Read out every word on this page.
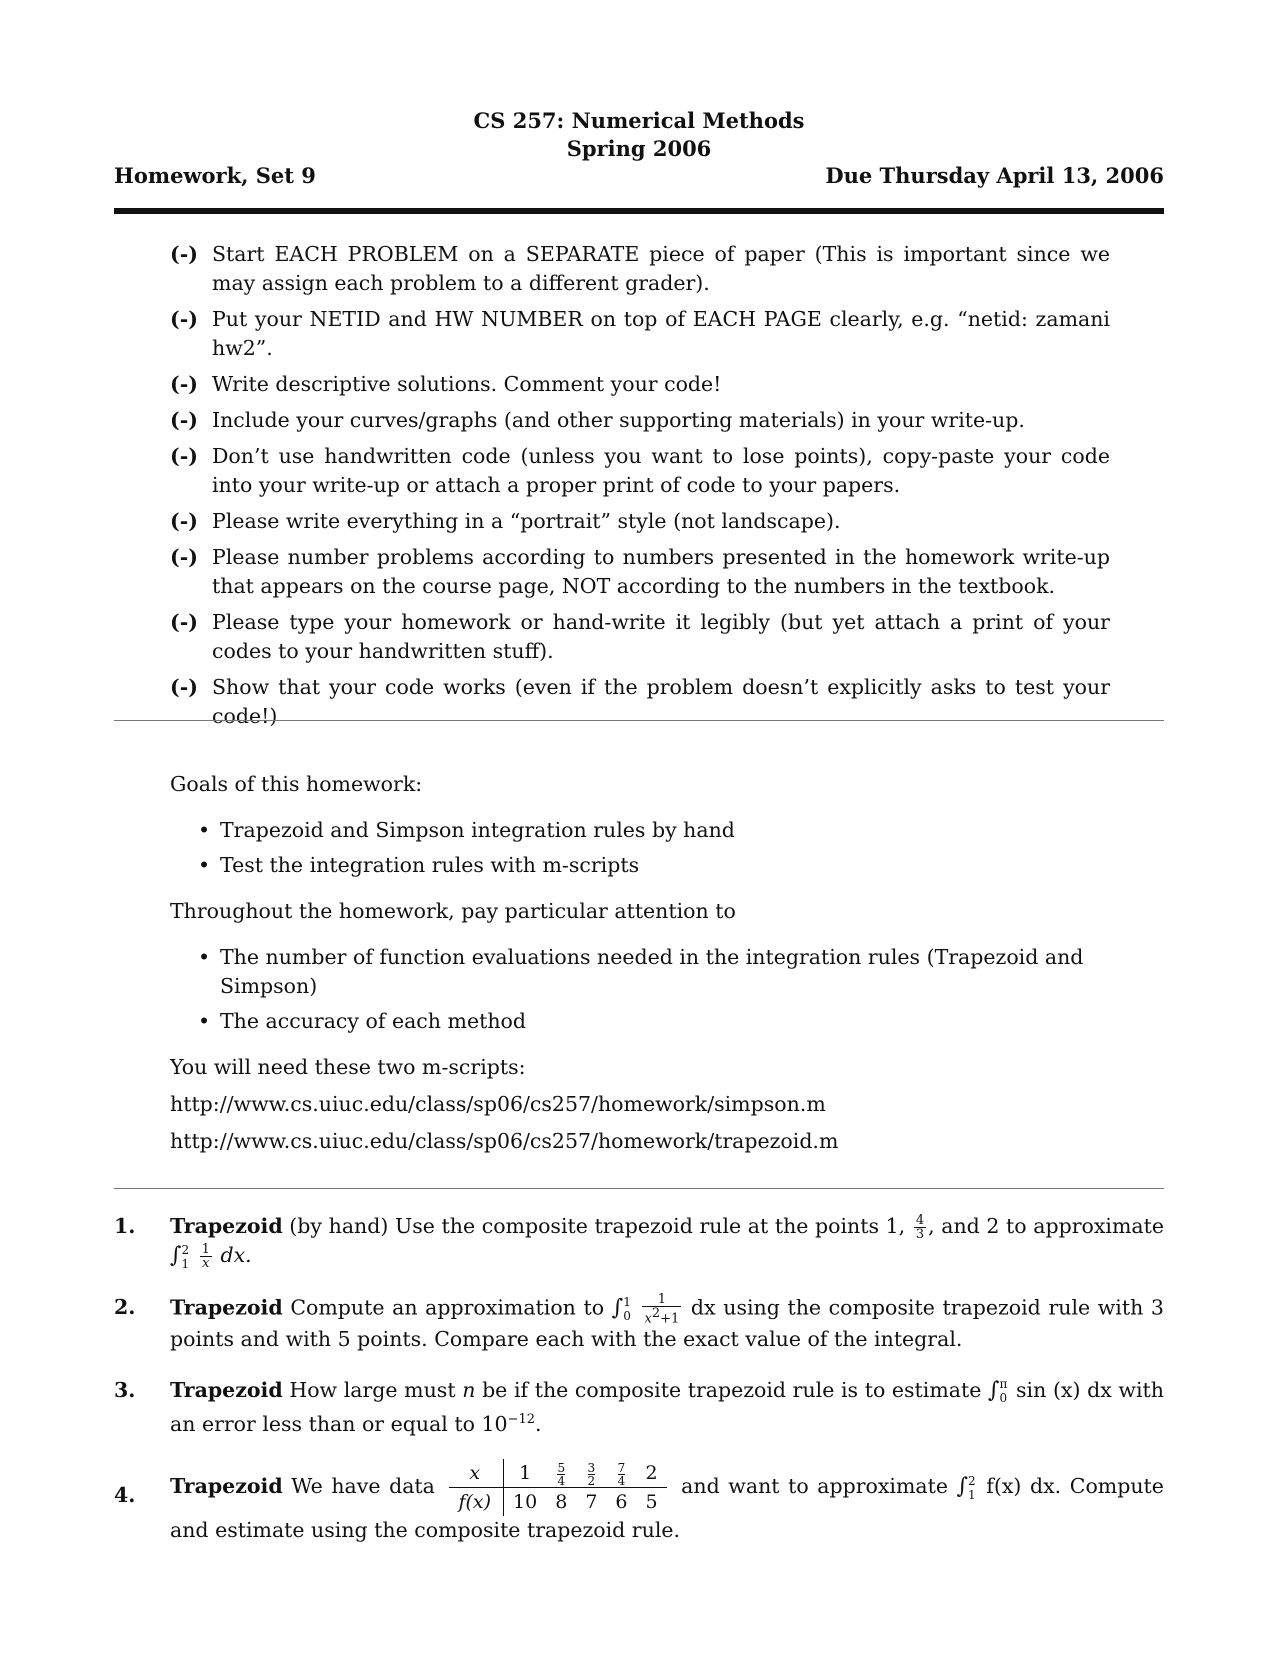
CS 257: Numerical Methods
Spring 2006
Homework, Set 9	Due Thursday April 13, 2006
(-) Start EACH PROBLEM on a SEPARATE piece of paper (This is important since we may assign each problem to a different grader).
(-) Put your NETID and HW NUMBER on top of EACH PAGE clearly, e.g. “netid: zamani   hw2”.
(-) Write descriptive solutions. Comment your code!
(-) Include your curves/graphs (and other supporting materials) in your write-up.
(-) Don’t use handwritten code (unless you want to lose points), copy-paste your code into your write-up or attach a proper print of code to your papers.
(-) Please write everything in a “portrait” style (not landscape).
(-) Please number problems according to numbers presented in the homework write-up that appears on the course page, NOT according to the numbers in the textbook.
(-) Please type your homework or hand-write it legibly (but yet attach a print of your codes to your handwritten stuff).
(-) Show that your code works (even if the problem doesn’t explicitly asks to test your code!)

Goals of this homework:

• Trapezoid and Simpson integration rules by hand
• Test the integration rules with m-scripts

Throughout the homework, pay particular attention to

• The number of function evaluations needed in the integration rules (Trapezoid and Simpson)
• The accuracy of each method

You will need these two m-scripts:

http://www.cs.uiuc.edu/class/sp06/cs257/homework/simpson.m

http://www.cs.uiuc.edu/class/sp06/cs257/homework/trapezoid.m

1. Trapezoid (by hand) Use the composite trapezoid rule at the points 1, $\frac{4}{3}$ , and 2 to approximate ∫ 2
1
$\frac{1}{x}$ dx.
2. Trapezoid Compute an approximation to ∫ 1
0
$\frac{1}{x^2+1}$ dx using the composite trapezoid rule with 3 points and with 5 points. Compare each with the exact value of the integral.
3. Trapezoid How large must n be if the composite trapezoid rule is to estimate ∫ π
0 sin (x) dx with an error less than or equal to $10^{-12}$.
4. Trapezoid We have data x	1	$\frac{5}{4}$	$\frac{3}{2}$	$\frac{7}{4}$	2
f(x)	10	8	7	6	5 and want to approximate ∫ 2
1 f(x) dx. Compute and estimate using the composite trapezoid rule.
